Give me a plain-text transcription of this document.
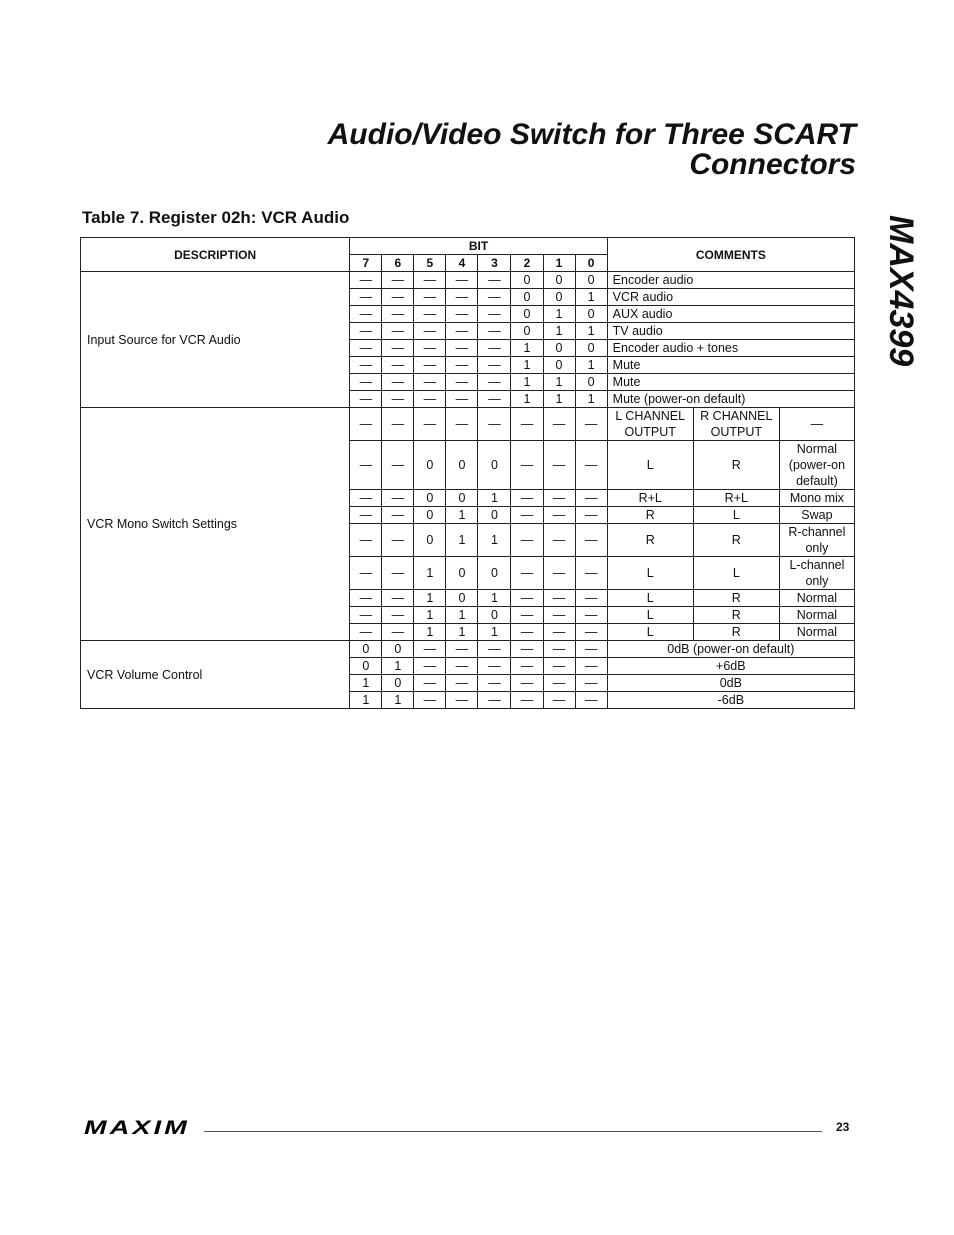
Audio/Video Switch for Three SCART
Connectors
MAX4399
Table 7. Register 02h: VCR Audio
DESCRIPTION	BIT								COMMENTS		
	7	6	5	4	3	2	1	0			
Input Source for VCR Audio	—	—	—	—	—	0	0	0	Encoder audio		
	—	—	—	—	—	0	0	1	VCR audio		
	—	—	—	—	—	0	1	0	AUX audio		
	—	—	—	—	—	0	1	1	TV audio		
	—	—	—	—	—	1	0	0	Encoder audio + tones		
	—	—	—	—	—	1	0	1	Mute		
	—	—	—	—	—	1	1	0	Mute		
	—	—	—	—	—	1	1	1	Mute (power-on default)		
VCR Mono Switch Settings	—	—	—	—	—	—	—	—	L CHANNEL OUTPUT	R CHANNEL OUTPUT	—
	—	—	0	0	0	—	—	—	L	R	Normal (power-on default)
	—	—	0	0	1	—	—	—	R+L	R+L	Mono mix
	—	—	0	1	0	—	—	—	R	L	Swap
	—	—	0	1	1	—	—	—	R	R	R-channel only
	—	—	1	0	0	—	—	—	L	L	L-channel only
	—	—	1	0	1	—	—	—	L	R	Normal
	—	—	1	1	0	—	—	—	L	R	Normal
	—	—	1	1	1	—	—	—	L	R	Normal
VCR Volume Control	0	0	—	—	—	—	—	—	0dB (power-on default)		
	0	1	—	—	—	—	—	—	+6dB		
	1	0	—	—	—	—	—	—	0dB		
	1	1	—	—	—	—	—	—	-6dB		
MAXIM	23
